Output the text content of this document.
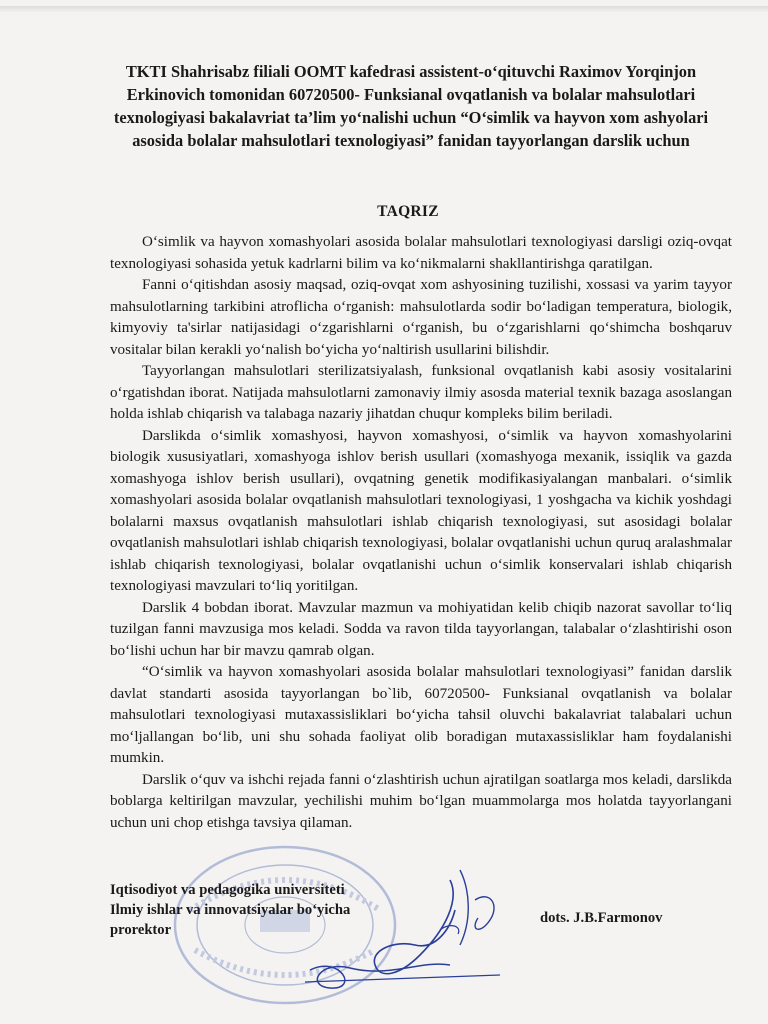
TKTI Shahrisabz filiali OOMT kafedrasi assistent-o‘qituvchi Raximov Yorqinjon Erkinovich tomonidan 60720500- Funksianal ovqatlanish va bolalar mahsulotlari texnologiyasi bakalavriat ta’lim yo‘nalishi uchun “O‘simlik va hayvon xom ashyolari asosida bolalar mahsulotlari texnologiyasi” fanidan tayyorlangan darslik uchun
TAQRIZ

O‘simlik va hayvon xomashyolari asosida bolalar mahsulotlari texnologiyasi darsligi oziq-ovqat texnologiyasi sohasida yetuk kadrlarni bilim va ko‘nikmalarni shakllantirishga qaratilgan.

Fanni o‘qitishdan asosiy maqsad, oziq-ovqat xom ashyosining tuzilishi, xossasi va yarim tayyor mahsulotlarning tarkibini atroflicha o‘rganish: mahsulotlarda sodir bo‘ladigan temperatura, biologik, kimyoviy ta'sirlar natijasidagi o‘zgarishlarni o‘rganish, bu o‘zgarishlarni qo‘shimcha boshqaruv vositalar bilan kerakli yo‘nalish bo‘yicha yo‘naltirish usullarini bilishdir.

Tayyorlangan mahsulotlari sterilizatsiyalash, funksional ovqatlanish kabi asosiy vositalarini o‘rgatishdan iborat. Natijada mahsulotlarni zamonaviy ilmiy asosda material texnik bazaga asoslangan holda ishlab chiqarish va talabaga nazariy jihatdan chuqur kompleks bilim beriladi.

Darslikda o‘simlik xomashyosi, hayvon xomashyosi, o‘simlik va hayvon xomashyolarini biologik xususiyatlari, xomashyoga ishlov berish usullari (xomashyoga mexanik, issiqlik va gazda xomashyoga ishlov berish usullari), ovqatning genetik modifikasiyalangan manbalari. o‘simlik xomashyolari asosida bolalar ovqatlanish mahsulotlari texnologiyasi, 1 yoshgacha va kichik yoshdagi bolalarni maxsus ovqatlanish mahsulotlari ishlab chiqarish texnologiyasi, sut asosidagi bolalar ovqatlanish mahsulotlari ishlab chiqarish texnologiyasi, bolalar ovqatlanishi uchun quruq aralashmalar ishlab chiqarish texnologiyasi, bolalar ovqatlanishi uchun o‘simlik konservalari ishlab chiqarish texnologiyasi mavzulari to‘liq yoritilgan.

Darslik 4 bobdan iborat. Mavzular mazmun va mohiyatidan kelib chiqib nazorat savollar to‘liq tuzilgan fanni mavzusiga mos keladi. Sodda va ravon tilda tayyorlangan, talabalar o‘zlashtirishi oson bo‘lishi uchun har bir mavzu qamrab olgan.

“O‘simlik va hayvon xomashyolari asosida bolalar mahsulotlari texnologiyasi” fanidan darslik davlat standarti asosida tayyorlangan bo`lib, 60720500- Funksianal ovqatlanish va bolalar mahsulotlari texnologiyasi mutaxassisliklari bo‘yicha tahsil oluvchi bakalavriat talabalari uchun mo‘ljallangan bo‘lib, uni shu sohada faoliyat olib boradigan mutaxassisliklar ham foydalanishi mumkin.

Darslik o‘quv va ishchi rejada fanni o‘zlashtirish uchun ajratilgan soatlarga mos keladi, darslikda boblarga keltirilgan mavzular, yechilishi muhim bo‘lgan muammolarga mos holatda tayyorlangani uchun uni chop etishga tavsiya qilaman.

Iqtisodiyot va pedagogika universiteti
Ilmiy ishlar va innovatsiyalar bo‘yicha
prorektor
dots. J.B.Farmonov
